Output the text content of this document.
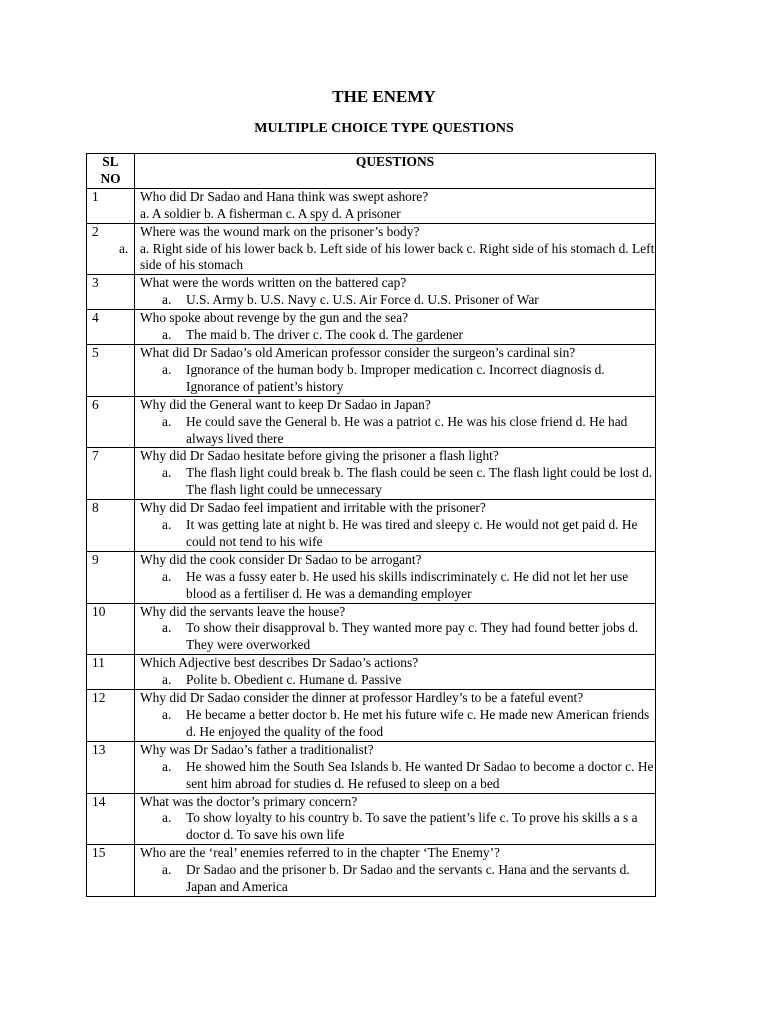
THE ENEMY
MULTIPLE CHOICE TYPE QUESTIONS
SL
NO	QUESTIONS
1	Who did Dr Sadao and Hana think was swept ashore?
a. A soldier b. A fisherman c. A spy d. A prisoner

2	Where was the wound mark on the prisoner’s body?
a. a. Right side of his lower back b. Left side of his lower back c. Right side of his stomach d. Left side of his stomach

3	What were the words written on the battered cap?
a. U.S. Army b. U.S. Navy c. U.S. Air Force d. U.S. Prisoner of War

4	Who spoke about revenge by the gun and the sea?
a. The maid b. The driver c. The cook d. The gardener

5	What did Dr Sadao’s old American professor consider the surgeon’s cardinal sin?
a. Ignorance of the human body b. Improper medication c. Incorrect diagnosis d. Ignorance of patient’s history

6	Why did the General want to keep Dr Sadao in Japan?
a. He could save the General b. He was a patriot c. He was his close friend d. He had always lived there

7	Why did Dr Sadao hesitate before giving the prisoner a flash light?
a. The flash light could break b. The flash could be seen c. The flash light could be lost d. The flash light could be unnecessary

8	Why did Dr Sadao feel impatient and irritable with the prisoner?
a. It was getting late at night b. He was tired and sleepy c. He would not get paid d. He could not tend to his wife

9	Why did the cook consider Dr Sadao to be arrogant?
a. He was a fussy eater b. He used his skills indiscriminately c. He did not let her use blood as a fertiliser d. He was a demanding employer

10	Why did the servants leave the house?
a. To show their disapproval b. They wanted more pay c. They had found better jobs d. They were overworked

11	Which Adjective best describes Dr Sadao’s actions?
a. Polite b. Obedient c. Humane d. Passive

12	Why did Dr Sadao consider the dinner at professor Hardley’s to be a fateful event?
a. He became a better doctor b. He met his future wife c. He made new American friends d. He enjoyed the quality of the food

13	Why was Dr Sadao’s father a traditionalist?
a. He showed him the South Sea Islands b. He wanted Dr Sadao to become a doctor c. He sent him abroad for studies d. He refused to sleep on a bed

14	What was the doctor’s primary concern?
a. To show loyalty to his country b. To save the patient’s life c. To prove his skills a s a doctor d. To save his own life

15	Who are the ‘real’ enemies referred to in the chapter ‘The Enemy’?
a. Dr Sadao and the prisoner b. Dr Sadao and the servants c. Hana and the servants d. Japan and America
